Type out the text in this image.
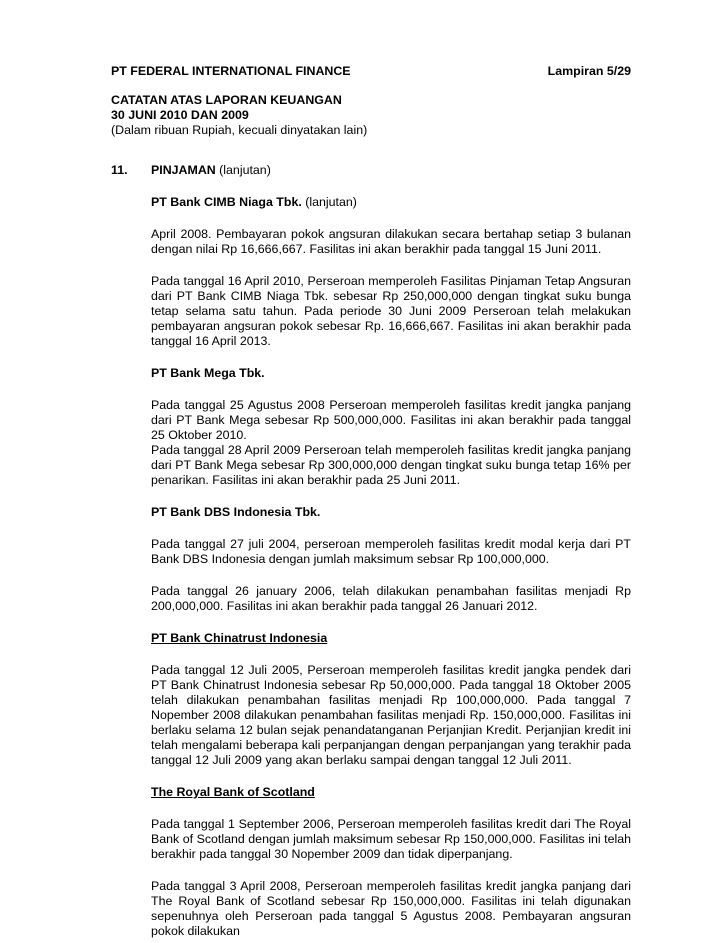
PT FEDERAL INTERNATIONAL FINANCE	Lampiran 5/29
CATATAN ATAS LAPORAN KEUANGAN
30 JUNI 2010 DAN 2009
(Dalam ribuan Rupiah, kecuali dinyatakan lain)
11. PINJAMAN (lanjutan)

PT Bank CIMB Niaga Tbk. (lanjutan)

April 2008. Pembayaran pokok angsuran dilakukan secara bertahap setiap 3 bulanan dengan nilai Rp 16,666,667. Fasilitas ini akan berakhir pada tanggal 15 Juni 2011.

Pada tanggal 16 April 2010, Perseroan memperoleh Fasilitas Pinjaman Tetap Angsuran dari PT Bank CIMB Niaga Tbk. sebesar Rp 250,000,000 dengan tingkat suku bunga tetap selama satu tahun. Pada periode 30 Juni 2009 Perseroan telah melakukan pembayaran angsuran pokok sebesar Rp. 16,666,667. Fasilitas ini akan berakhir pada tanggal 16 April 2013.

PT Bank Mega Tbk.

Pada tanggal 25 Agustus 2008 Perseroan memperoleh fasilitas kredit jangka panjang dari PT Bank Mega sebesar Rp 500,000,000. Fasilitas ini akan berakhir pada tanggal 25 Oktober 2010.

Pada tanggal 28 April 2009 Perseroan telah memperoleh fasilitas kredit jangka panjang dari PT Bank Mega sebesar Rp 300,000,000 dengan tingkat suku bunga tetap 16% per penarikan. Fasilitas ini akan berakhir pada 25 Juni 2011.

PT Bank DBS Indonesia Tbk.

Pada tanggal 27 juli 2004, perseroan memperoleh fasilitas kredit modal kerja dari PT Bank DBS Indonesia dengan jumlah maksimum sebsar Rp 100,000,000.

Pada tanggal 26 january 2006, telah dilakukan penambahan fasilitas menjadi Rp 200,000,000. Fasilitas ini akan berakhir pada tanggal 26 Januari 2012.

PT Bank Chinatrust Indonesia

Pada tanggal 12 Juli 2005, Perseroan memperoleh fasilitas kredit jangka pendek dari PT Bank Chinatrust Indonesia sebesar Rp 50,000,000. Pada tanggal 18 Oktober 2005 telah dilakukan penambahan fasilitas menjadi Rp 100,000,000. Pada tanggal 7 Nopember 2008 dilakukan penambahan fasilitas menjadi Rp. 150,000,000. Fasilitas ini berlaku selama 12 bulan sejak penandatanganan Perjanjian Kredit. Perjanjian kredit ini telah mengalami beberapa kali perpanjangan dengan perpanjangan yang terakhir pada tanggal 12 Juli 2009 yang akan berlaku sampai dengan tanggal 12 Juli 2011.

The Royal Bank of Scotland

Pada tanggal 1 September 2006, Perseroan memperoleh fasilitas kredit dari The Royal Bank of Scotland dengan jumlah maksimum sebesar Rp 150,000,000. Fasilitas ini telah berakhir pada tanggal 30 Nopember 2009 dan tidak diperpanjang.

Pada tanggal 3 April 2008, Perseroan memperoleh fasilitas kredit jangka panjang dari The Royal Bank of Scotland sebesar Rp 150,000,000. Fasilitas ini telah digunakan sepenuhnya oleh Perseroan pada tanggal 5 Agustus 2008. Pembayaran angsuran pokok dilakukan
